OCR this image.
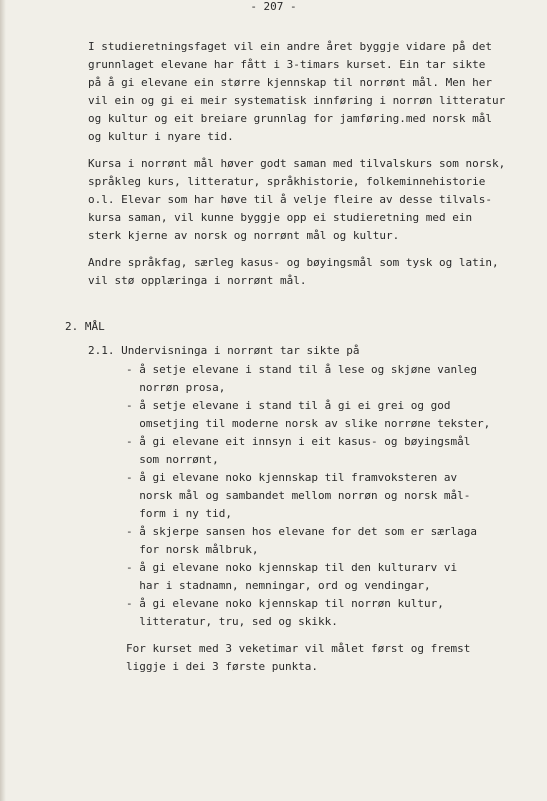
- 207 -
I studieretningsfaget vil ein andre året byggje vidare på det
grunnlaget elevane har fått i 3-timars kurset. Ein tar sikte
på å gi elevane ein større kjennskap til norrønt mål. Men her
vil ein og gi ei meir systematisk innføring i norrøn litteratur
og kultur og eit breiare grunnlag for jamføring.med norsk mål
og kultur i nyare tid.
Kursa i norrønt mål høver godt saman med tilvalskurs som norsk,
språkleg kurs, litteratur, språkhistorie, folkeminnehistorie
o.l. Elevar som har høve til å velje fleire av desse tilvals-
kursa saman, vil kunne byggje opp ei studieretning med ein
sterk kjerne av norsk og norrønt mål og kultur.
Andre språkfag, særleg kasus- og bøyingsmål som tysk og latin,
vil stø opplæringa i norrønt mål.
2. MÅL
2.1. Undervisninga i norrønt tar sikte på
- å setje elevane i stand til å lese og skjøne vanleg
norrøn prosa,
- å setje elevane i stand til å gi ei grei og god
omsetjing til moderne norsk av slike norrøne tekster,
- å gi elevane eit innsyn i eit kasus- og bøyingsmål
som norrønt,
- å gi elevane noko kjennskap til framvoksteren av
norsk mål og sambandet mellom norrøn og norsk mål-
form i ny tid,
- å skjerpe sansen hos elevane for det som er særlaga
for norsk målbruk,
- å gi elevane noko kjennskap til den kulturarv vi
har i stadnamn, nemningar, ord og vendingar,
- å gi elevane noko kjennskap til norrøn kultur,
litteratur, tru, sed og skikk.
For kurset med 3 veketimar vil målet først og fremst
liggje i dei 3 første punkta.
